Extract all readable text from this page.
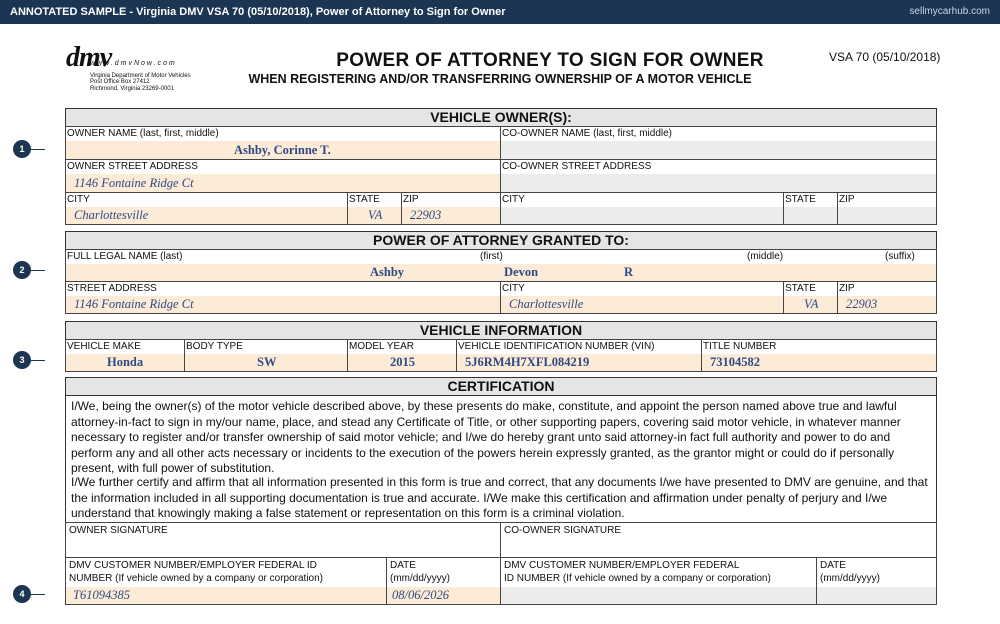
ANNOTATED SAMPLE - Virginia DMV VSA 70 (05/10/2018), Power of Attorney to Sign for Owner	sellmycarhub.com
dmv
www.dmvNow.com
Virginia Department of Motor Vehicles
Post Office Box 27412
Richmond, Virginia 23269-0001
POWER OF ATTORNEY TO SIGN FOR OWNER
WHEN REGISTERING AND/OR TRANSFERRING OWNERSHIP OF A MOTOR VEHICLE
VSA 70 (05/10/2018)
1
2
3
4
VEHICLE OWNER(S):
OWNER NAME (last, first, middle)
Ashby, Corinne T.
CO-OWNER NAME (last, first, middle)
OWNER STREET ADDRESS
1146 Fontaine Ridge Ct
CO-OWNER STREET ADDRESS
CITY
Charlottesville
STATE
VA
ZIP
22903
CITY	STATE ZIP
POWER OF ATTORNEY GRANTED TO:
FULL LEGAL NAME (last)	(first)	(middle)	(suffix)
Ashby	Devon	R
STREET ADDRESS
1146 Fontaine Ridge Ct
CITY
Charlottesville
STATE
VA
ZIP
22903
VEHICLE INFORMATION
VEHICLE MAKE
Honda
BODY TYPE
SW
MODEL YEAR
2015
VEHICLE IDENTIFICATION NUMBER (VIN)
5J6RM4H7XFL084219
TITLE NUMBER
73104582
CERTIFICATION
I/We, being the owner(s) of the motor vehicle described above, by these presents do make, constitute, and appoint the person named above true and lawful attorney-in-fact to sign in my/our name, place, and stead any Certificate of Title, or other supporting papers, covering said motor vehicle, in whatever manner necessary to register and/or transfer ownership of said motor vehicle; and I/we do hereby grant unto said attorney-in fact full authority and power to do and perform any and all other acts necessary or incidents to the execution of the powers herein expressly granted, as the grantor might or could do if personally present, with full power of substitution.
I/We further certify and affirm that all information presented in this form is true and correct, that any documents I/we have presented to DMV are genuine, and that the information included in all supporting documentation is true and accurate. I/We make this certification and affirmation under penalty of perjury and I/we understand that knowingly making a false statement or representation on this form is a criminal violation.
OWNER SIGNATURE	CO-OWNER SIGNATURE
DMV CUSTOMER NUMBER/EMPLOYER FEDERAL ID
NUMBER (If vehicle owned by a company or corporation)
T61094385
DATE
(mm/dd/yyyy)
08/06/2026
DMV CUSTOMER NUMBER/EMPLOYER FEDERAL
ID NUMBER (If vehicle owned by a company or corporation)
DATE
(mm/dd/yyyy)
